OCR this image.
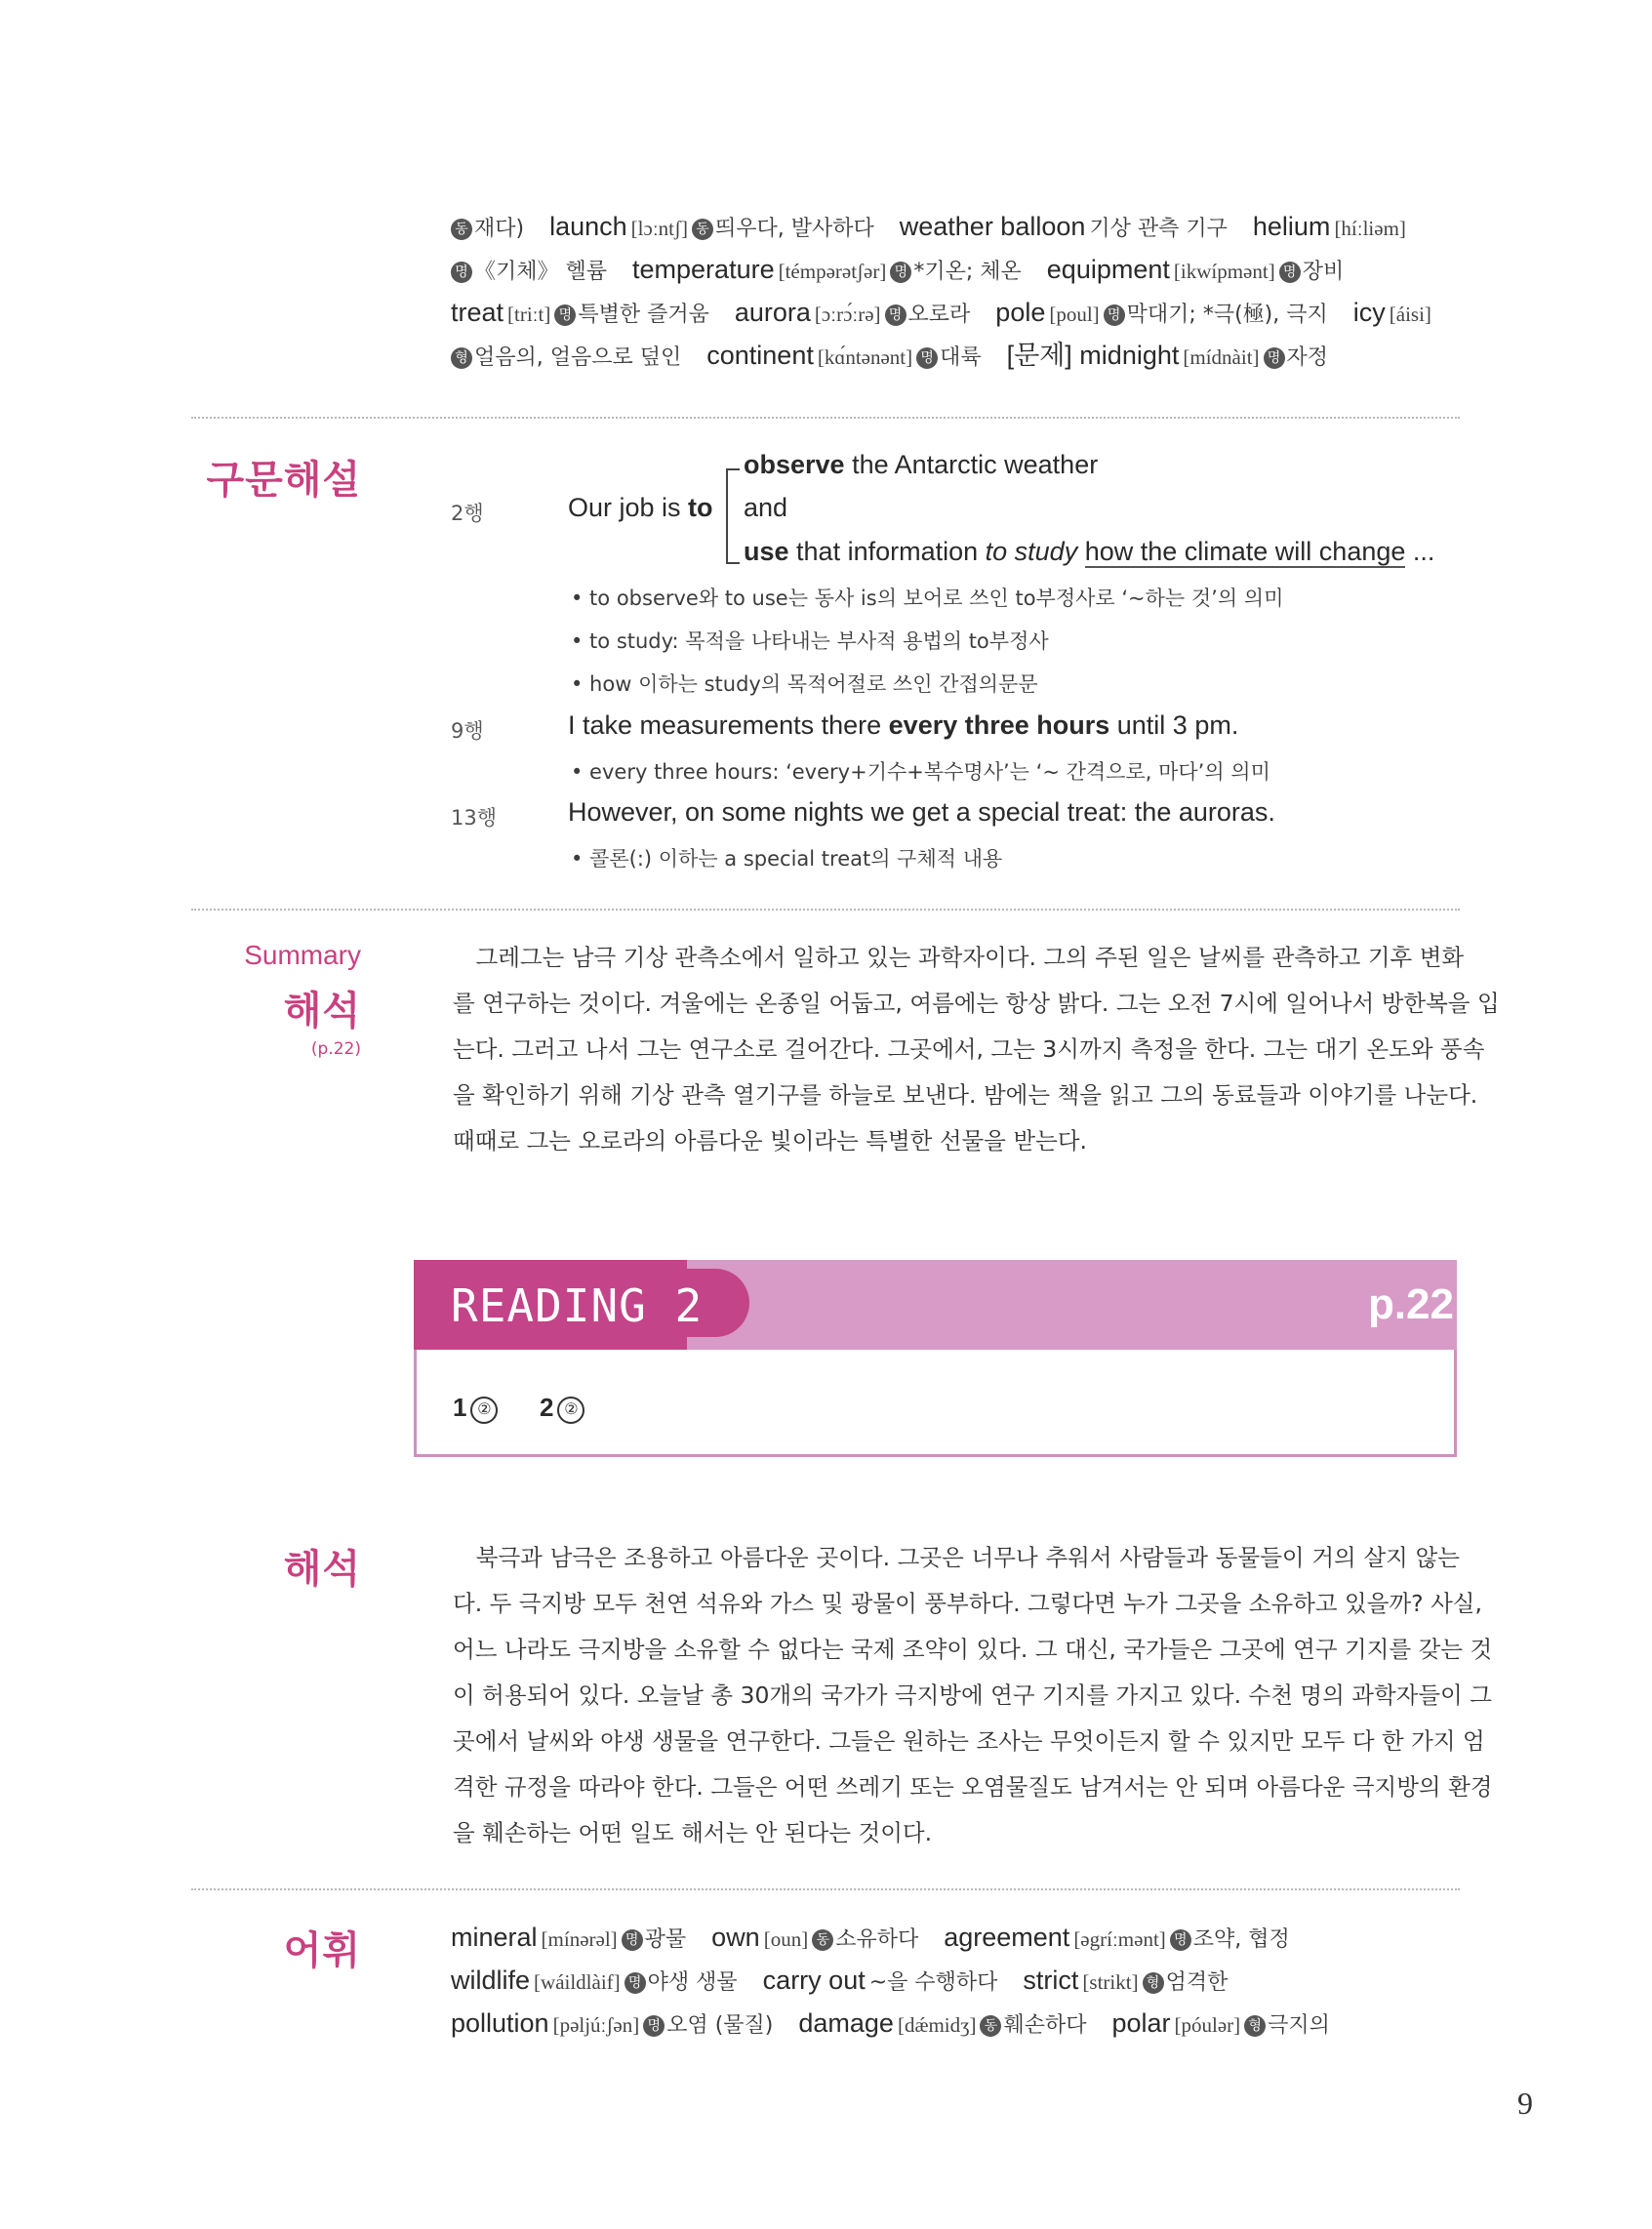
동 재다) launch [lɔːntʃ] 동 띄우다, 발사하다 weather balloon 기상 관측 기구 helium [híːliəm]
명 《기체》 헬륨 temperature [témpərətʃər] 명 *기온; 체온 equipment [ikwípmənt] 명 장비
treat [triːt] 명 특별한 즐거움 aurora [ɔːrɔ́ːrə] 명 오로라 pole [poul] 명 막대기; *극(極), 극지 icy [áisi]
형 얼음의, 얼음으로 덮인 continent [kɑ́ntənənt] 명 대륙 [문제] midnight [mídnàit] 명 자정
구문해설
2행	Our job is to
observe the Antarctic weather
and
use that information to study how the climate will change ...
• to observe와 to use는 동사 is의 보어로 쓰인 to부정사로 ‘~하는 것’의 의미
• to study: 목적을 나타내는 부사적 용법의 to부정사
• how 이하는 study의 목적어절로 쓰인 간접의문문
9행	I take measurements there every three hours until 3 pm.
• every three hours: ‘every+기수+복수명사’는 ‘~ 간격으로, 마다’의 의미
13행	However, on some nights we get a special treat: the auroras.
• 콜론(:) 이하는 a special treat의 구체적 내용
Summary
해석
(p.22)
　그레그는 남극 기상 관측소에서 일하고 있는 과학자이다. 그의 주된 일은 날씨를 관측하고 기후 변화
를 연구하는 것이다. 겨울에는 온종일 어둡고, 여름에는 항상 밝다. 그는 오전 7시에 일어나서 방한복을 입
는다. 그러고 나서 그는 연구소로 걸어간다. 그곳에서, 그는 3시까지 측정을 한다. 그는 대기 온도와 풍속
을 확인하기 위해 기상 관측 열기구를 하늘로 보낸다. 밤에는 책을 읽고 그의 동료들과 이야기를 나눈다.
때때로 그는 오로라의 아름다운 빛이라는 특별한 선물을 받는다.
READING 2	p.22
1 ② 2 ②
해석	　북극과 남극은 조용하고 아름다운 곳이다. 그곳은 너무나 추워서 사람들과 동물들이 거의 살지 않는
다. 두 극지방 모두 천연 석유와 가스 및 광물이 풍부하다. 그렇다면 누가 그곳을 소유하고 있을까? 사실,
어느 나라도 극지방을 소유할 수 없다는 국제 조약이 있다. 그 대신, 국가들은 그곳에 연구 기지를 갖는 것
이 허용되어 있다. 오늘날 총 30개의 국가가 극지방에 연구 기지를 가지고 있다. 수천 명의 과학자들이 그
곳에서 날씨와 야생 생물을 연구한다. 그들은 원하는 조사는 무엇이든지 할 수 있지만 모두 다 한 가지 엄
격한 규정을 따라야 한다. 그들은 어떤 쓰레기 또는 오염물질도 남겨서는 안 되며 아름다운 극지방의 환경
을 훼손하는 어떤 일도 해서는 안 된다는 것이다.
어휘	mineral [mínərəl] 명 광물 own [oun] 동 소유하다 agreement [əgríːmənt] 명 조약, 협정
wildlife [wáildlàif] 명 야생 생물 carry out ~을 수행하다 strict [strikt] 형 엄격한
pollution [pəljúːʃən] 명 오염 (물질) damage [dǽmidʒ] 동 훼손하다 polar [póulər] 형 극지의
9
